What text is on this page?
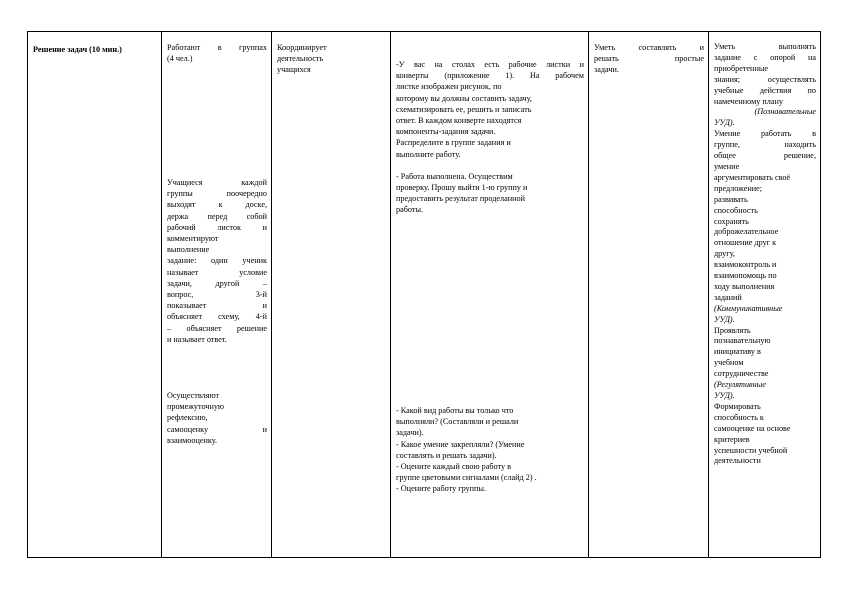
Решение задач (10 мин.)	Работают в группах

(4 чел.)

Учащиеся каждой

группы поочередно

выходят к доске,

держа перед собой

рабочий листок и

комментируют

выполнение

задание: один ученик

называет условие

задачи, другой –

вопрос, 3-й

показывает и

объясняет схему, 4-й

– объясняет решение

и называет ответ.

Осуществляют

промежуточную

рефлексию,

самооценку и

взаимооценку.

Координирует

деятельность

учащихся

-У вас на столах есть рабочие листки и

конверты (приложение 1). На рабочем

листке изображен рисунок, по

которому вы должны составить задачу,

схематизировать ее, решить и записать

ответ. В каждом конверте находятся

компоненты-задания задачи.

Распределите в группе задания и

выполните работу.

- Работа выполнена. Осуществим

проверку. Прошу выйти 1-ю группу и

предоставить результат проделанной

работы.

- Какой вид работы вы только что

выполняли? (Составляли и решали

задачи).

- Какое умение закрепляли? (Умение

составлять и решать задачи).

- Оцените каждый свою работу в

группе цветовыми сигналами (слайд 2) .

- Оцените работу группы.

Уметь составлять и

решать простые

задачи.

Уметь выполнять

задание с опорой на

приобретенные

знания; осуществлять

учебные действия по

намеченному плану

(Познавательные

УУД).

Умение работать в

группе, находить

общее решение,

умение

аргументировать своё

предложение;

развивать

способность

сохранять

доброжелательное

отношение друг к

другу,

взаимоконтроль и

взаимопомощь по

ходу выполнения

заданий

(Коммуникативные

УУД).

Проявлять

познавательную

инициативу в

учебном

сотрудничестве

(Регулятивные

УУД).

Формировать

способность к

самооценке на основе

критериев

успешности учебной

деятельности
